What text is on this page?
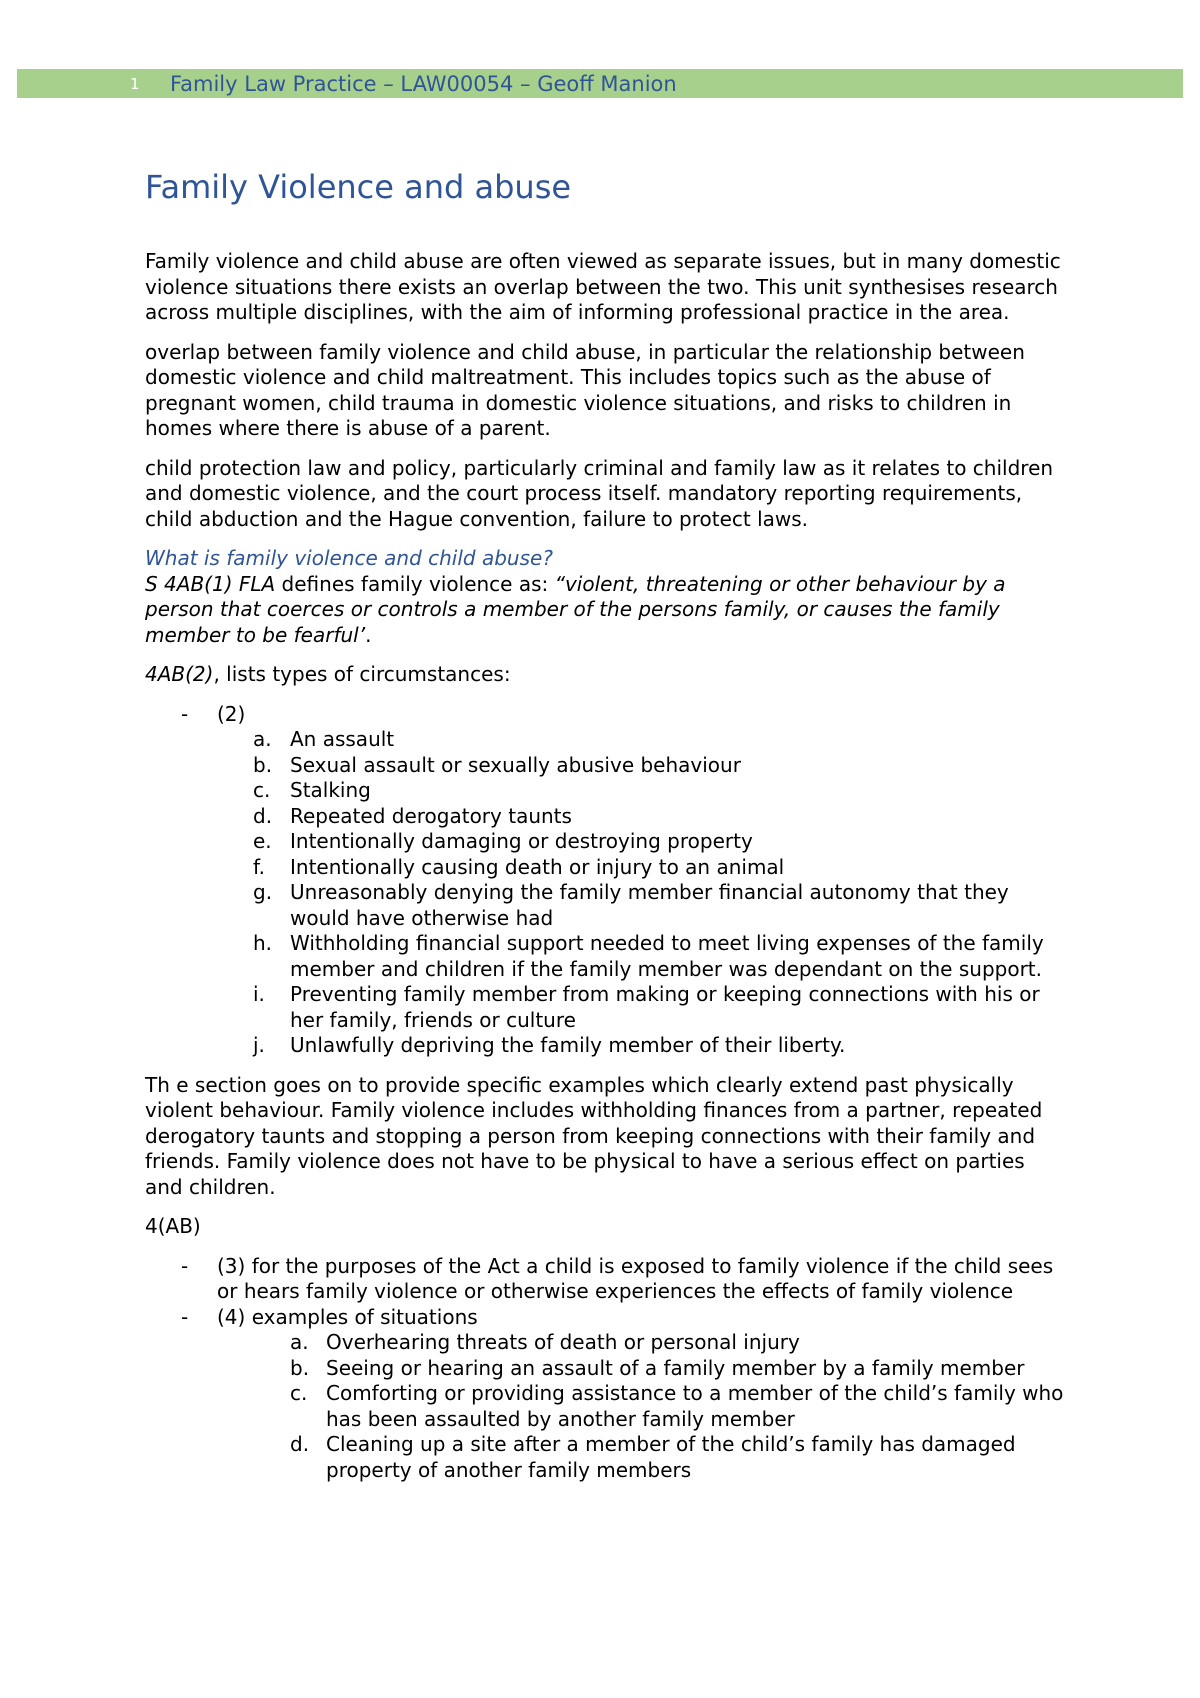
1 Family Law Practice – LAW00054 – Geoff Manion
Family Violence and abuse

Family violence and child abuse are often viewed as separate issues, but in many domestic violence situations there exists an overlap between the two. This unit synthesises research across multiple disciplines, with the aim of informing professional practice in the area.

overlap between family violence and child abuse, in particular the relationship between domestic violence and child maltreatment. This includes topics such as the abuse of pregnant women, child trauma in domestic violence situations, and risks to children in homes where there is abuse of a parent.

child protection law and policy, particularly criminal and family law as it relates to children and domestic violence, and the court process itself. mandatory reporting requirements, child abduction and the Hague convention, failure to protect laws.

What is family violence and child abuse?

S 4AB(1) FLA defines family violence as: “violent, threatening or other behaviour by a person that coerces or controls a member of the persons family, or causes the family member to be fearful’.

4AB(2), lists types of circumstances:

- (2)
a. An assault
b. Sexual assault or sexually abusive behaviour
c. Stalking
d. Repeated derogatory taunts
e. Intentionally damaging or destroying property
f. Intentionally causing death or injury to an animal
g. Unreasonably denying the family member financial autonomy that they would have otherwise had
h. Withholding financial support needed to meet living expenses of the family member and children if the family member was dependant on the support.
i. Preventing family member from making or keeping connections with his or her family, friends or culture
j. Unlawfully depriving the family member of their liberty.

Th e section goes on to provide specific examples which clearly extend past physically violent behaviour. Family violence includes withholding finances from a partner, repeated derogatory taunts and stopping a person from keeping connections with their family and friends. Family violence does not have to be physical to have a serious effect on parties and children.

4(AB)

- (3) for the purposes of the Act a child is exposed to family violence if the child sees or hears family violence or otherwise experiences the effects of family violence
- (4) examples of situations
a. Overhearing threats of death or personal injury
b. Seeing or hearing an assault of a family member by a family member
c. Comforting or providing assistance to a member of the child’s family who has been assaulted by another family member
d. Cleaning up a site after a member of the child’s family has damaged property of another family members
